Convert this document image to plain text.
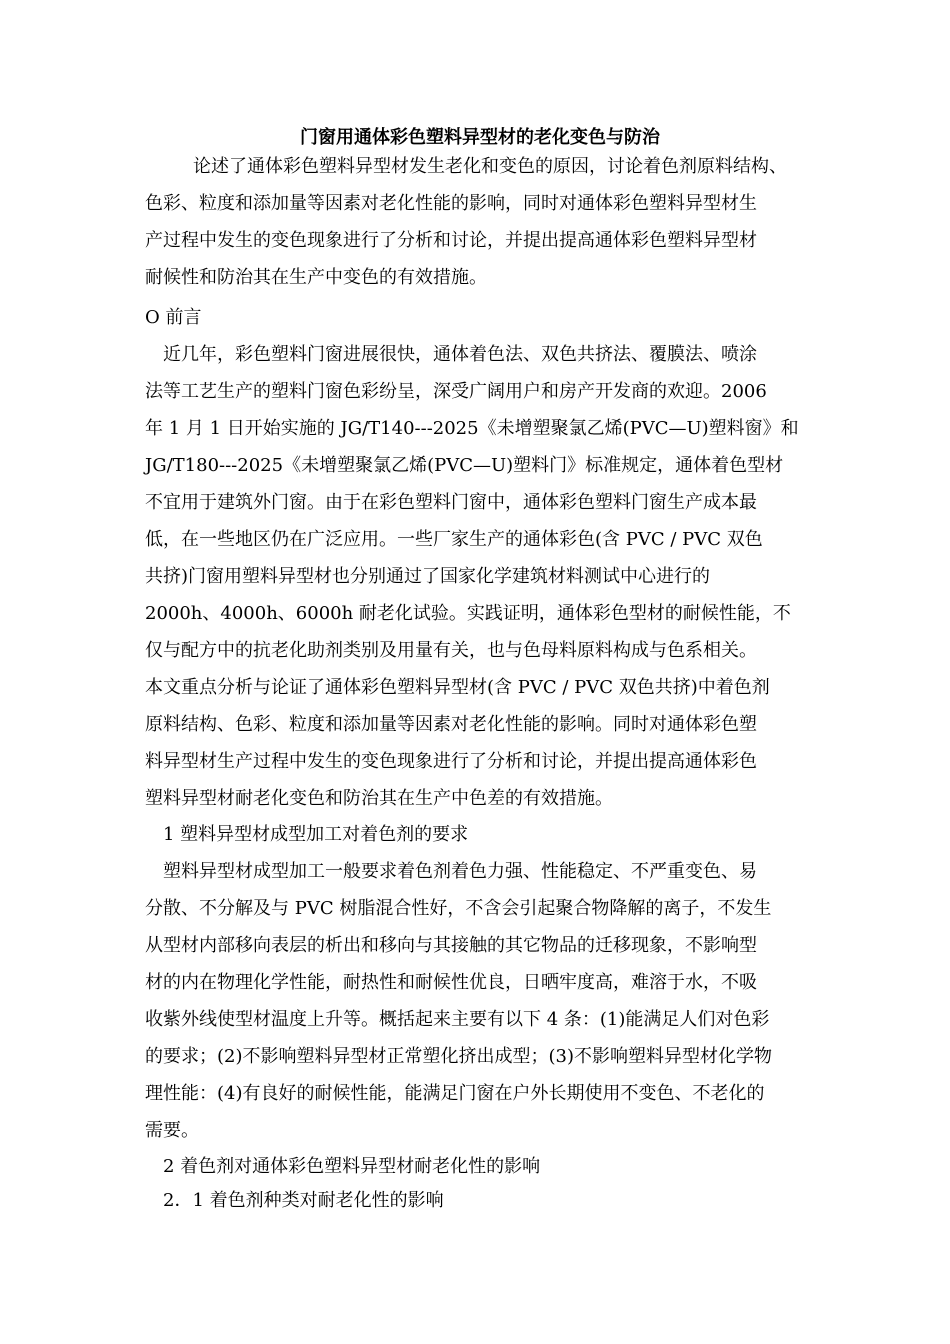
门窗用通体彩色塑料异型材的老化变色与防治
论述了通体彩色塑料异型材发生老化和变色的原因，讨论着色剂原料结构、
色彩、粒度和添加量等因素对老化性能的影响，同时对通体彩色塑料异型材生
产过程中发生的变色现象进行了分析和讨论，并提出提高通体彩色塑料异型材
耐候性和防治其在生产中变色的有效措施。
O 前言
近几年，彩色塑料门窗进展很快，通体着色法、双色共挤法、覆膜法、喷涂
法等工艺生产的塑料门窗色彩纷呈，深受广阔用户和房产开发商的欢迎。2006
年 1 月 1 日开始实施的 JG/T140---2025《未增塑聚氯乙烯(PVC—U)塑料窗》和
JG/T180---2025《未增塑聚氯乙烯(PVC—U)塑料门》标准规定，通体着色型材
不宜用于建筑外门窗。由于在彩色塑料门窗中，通体彩色塑料门窗生产成本最
低，在一些地区仍在广泛应用。一些厂家生产的通体彩色(含 PVC / PVC 双色
共挤)门窗用塑料异型材也分别通过了国家化学建筑材料测试中心进行的
2000h、4000h、6000h 耐老化试验。实践证明，通体彩色型材的耐候性能，不
仅与配方中的抗老化助剂类别及用量有关，也与色母料原料构成与色系相关。
本文重点分析与论证了通体彩色塑料异型材(含 PVC / PVC 双色共挤)中着色剂
原料结构、色彩、粒度和添加量等因素对老化性能的影响。同时对通体彩色塑
料异型材生产过程中发生的变色现象进行了分析和讨论，并提出提高通体彩色
塑料异型材耐老化变色和防治其在生产中色差的有效措施。
1 塑料异型材成型加工对着色剂的要求
塑料异型材成型加工一般要求着色剂着色力强、性能稳定、不严重变色、易
分散、不分解及与 PVC 树脂混合性好，不含会引起聚合物降解的离子，不发生
从型材内部移向表层的析出和移向与其接触的其它物品的迁移现象，不影响型
材的内在物理化学性能，耐热性和耐候性优良，日晒牢度高，难溶于水，不吸
收紫外线使型材温度上升等。概括起来主要有以下 4 条：(1)能满足人们对色彩
的要求；(2)不影响塑料异型材正常塑化挤出成型；(3)不影响塑料异型材化学物
理性能：(4)有良好的耐候性能，能满足门窗在户外长期使用不变色、不老化的
需要。
2 着色剂对通体彩色塑料异型材耐老化性的影响
2．1 着色剂种类对耐老化性的影响
